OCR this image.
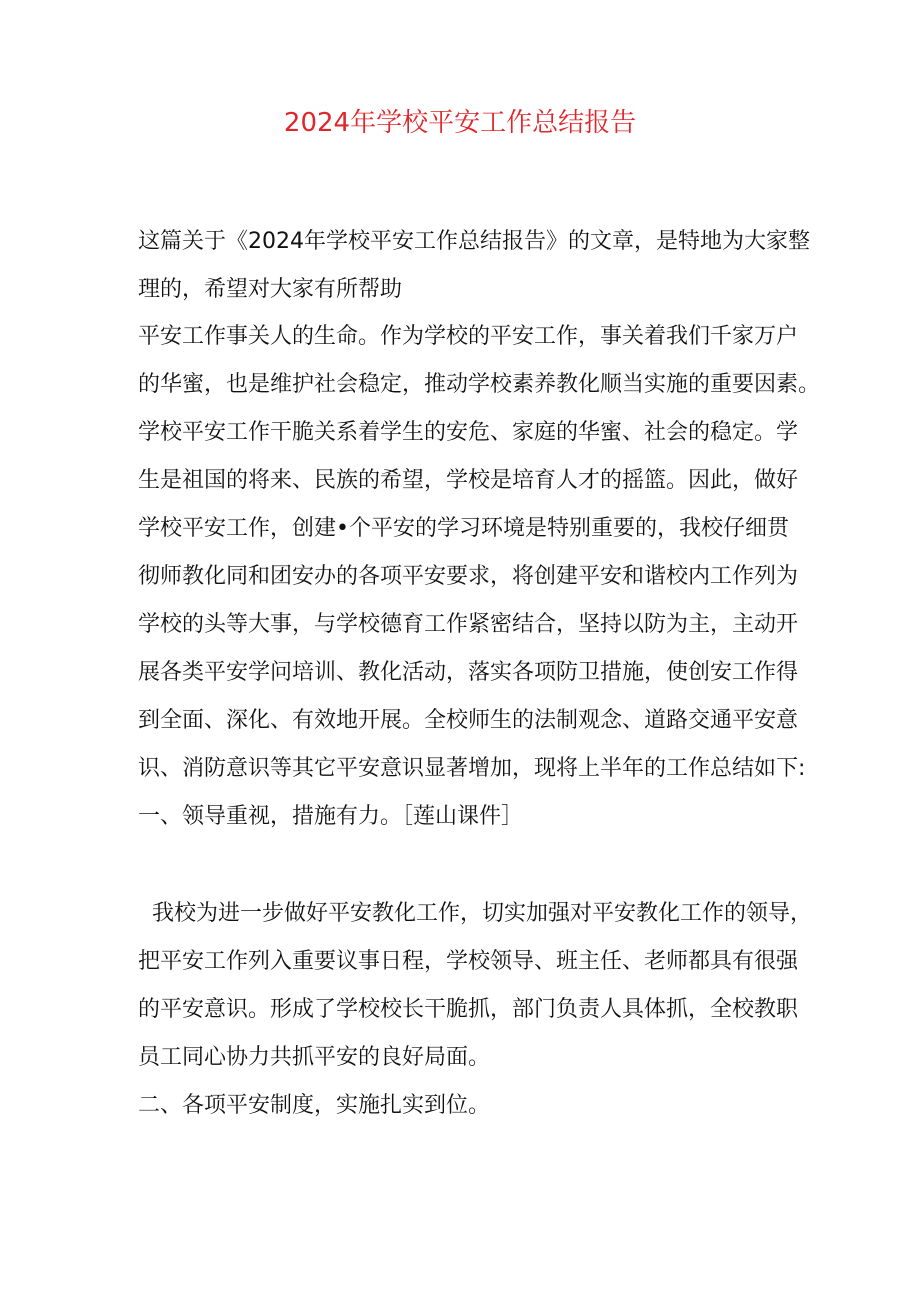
2024年学校平安工作总结报告
这篇关于《2024年学校平安工作总结报告》的文章，是特地为大家整
理的，希望对大家有所帮助
平安工作事关人的生命。作为学校的平安工作，事关着我们千家万户
的华蜜，也是维护社会稳定，推动学校素养教化顺当实施的重要因素。
学校平安工作干脆关系着学生的安危、家庭的华蜜、社会的稳定。学
生是祖国的将来、民族的希望，学校是培育人才的摇篮。因此，做好
学校平安工作，创建•个平安的学习环境是特别重要的，我校仔细贯
彻师教化同和团安办的各项平安要求，将创建平安和谐校内工作列为
学校的头等大事，与学校德育工作紧密结合，坚持以防为主，主动开
展各类平安学问培训、教化活动，落实各项防卫措施，使创安工作得
到全面、深化、有效地开展。全校师生的法制观念、道路交通平安意
识、消防意识等其它平安意识显著增加，现将上半年的工作总结如下:
一、领导重视，措施有力。［莲山课件］
我校为进一步做好平安教化工作，切实加强对平安教化工作的领导，
把平安工作列入重要议事日程，学校领导、班主任、老师都具有很强
的平安意识。形成了学校校长干脆抓，部门负责人具体抓，全校教职
员工同心协力共抓平安的良好局面。
二、各项平安制度，实施扎实到位。
